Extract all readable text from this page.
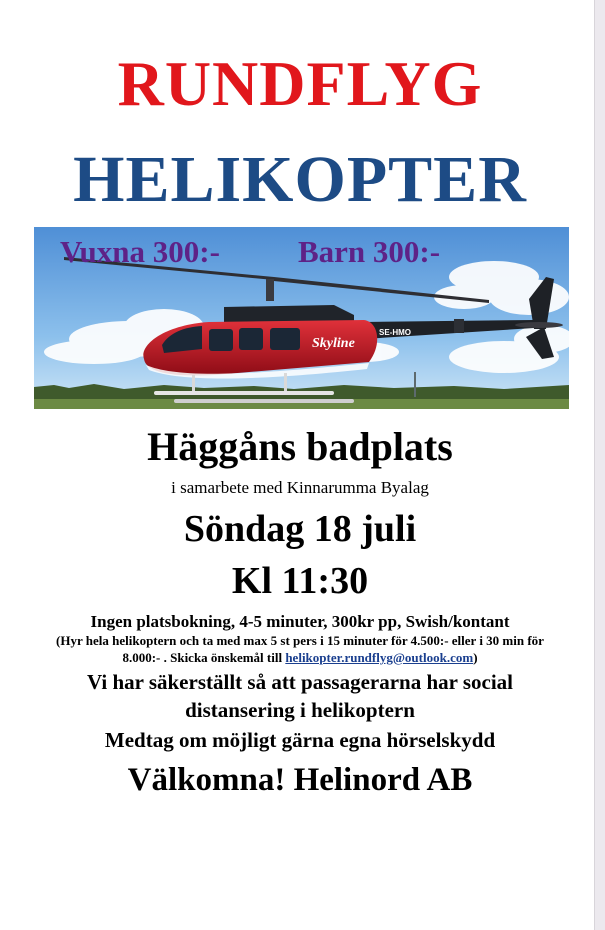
RUNDFLYG
HELIKOPTER
Skyline
SE-HMO
Vuxna 300:-	Barn 300:-
Häggåns badplats
i samarbete med Kinnarumma Byalag
Söndag 18 juli
Kl 11:30
Ingen platsbokning, 4-5 minuter, 300kr pp, Swish/kontant
(Hyr hela helikoptern och ta med max 5 st pers i 15 minuter för 4.500:- eller i 30 min för
8.000:- . Skicka önskemål till helikopter.rundflyg@outlook.com)
Vi har säkerställt så att passagerarna har social
distansering i helikoptern
Medtag om möjligt gärna egna hörselskydd
Välkomna! Helinord AB
